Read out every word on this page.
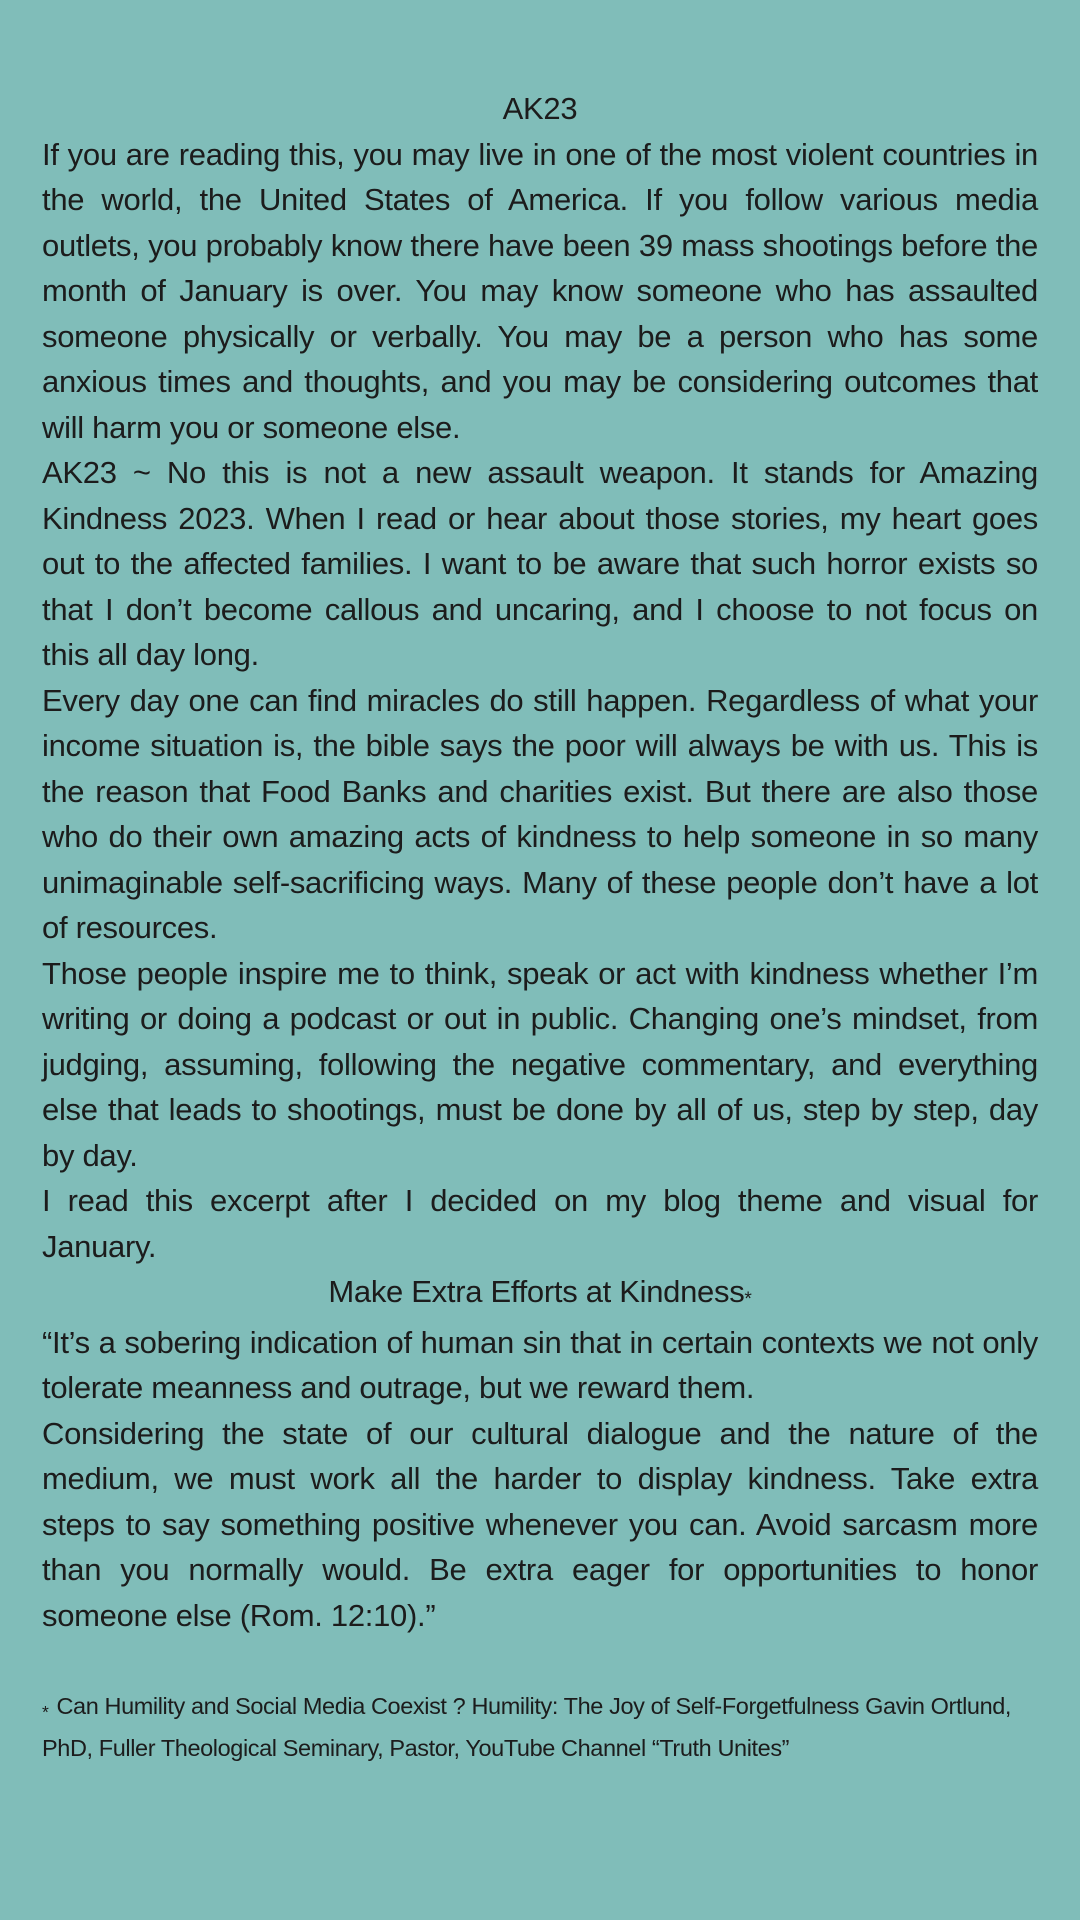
AK23

If you are reading this, you may live in one of the most violent countries in the world, the United States of America. If you follow various media outlets, you probably know there have been 39 mass shootings before the month of January is over. You may know someone who has assaulted someone physically or verbally. You may be a person who has some anxious times and thoughts, and you may be considering outcomes that will harm you or someone else.

AK23 ~ No this is not a new assault weapon. It stands for Amazing Kindness 2023. When I read or hear about those stories, my heart goes out to the affected families. I want to be aware that such horror exists so that I don’t become callous and uncaring, and I choose to not focus on this all day long.

Every day one can find miracles do still happen. Regardless of what your income situation is, the bible says the poor will always be with us. This is the reason that Food Banks and charities exist. But there are also those who do their own amazing acts of kindness to help someone in so many unimaginable self-sacrificing ways. Many of these people don’t have a lot of resources.

Those people inspire me to think, speak or act with kindness whether I’m writing or doing a podcast or out in public. Changing one’s mindset, from judging, assuming, following the negative commentary, and everything else that leads to shootings, must be done by all of us, step by step, day by day.

I read this excerpt after I decided on my blog theme and visual for January.

Make Extra Efforts at Kindness*

“It’s a sobering indication of human sin that in certain contexts we not only tolerate meanness and outrage, but we reward them.

Considering the state of our cultural dialogue and the nature of the medium, we must work all the harder to display kindness. Take extra steps to say something positive whenever you can. Avoid sarcasm more than you normally would. Be extra eager for opportunities to honor someone else (Rom. 12:10).”

* Can Humility and Social Media Coexist ? Humility: The Joy of Self-Forgetfulness Gavin Ortlund, PhD, Fuller Theological Seminary, Pastor, YouTube Channel “Truth Unites”
